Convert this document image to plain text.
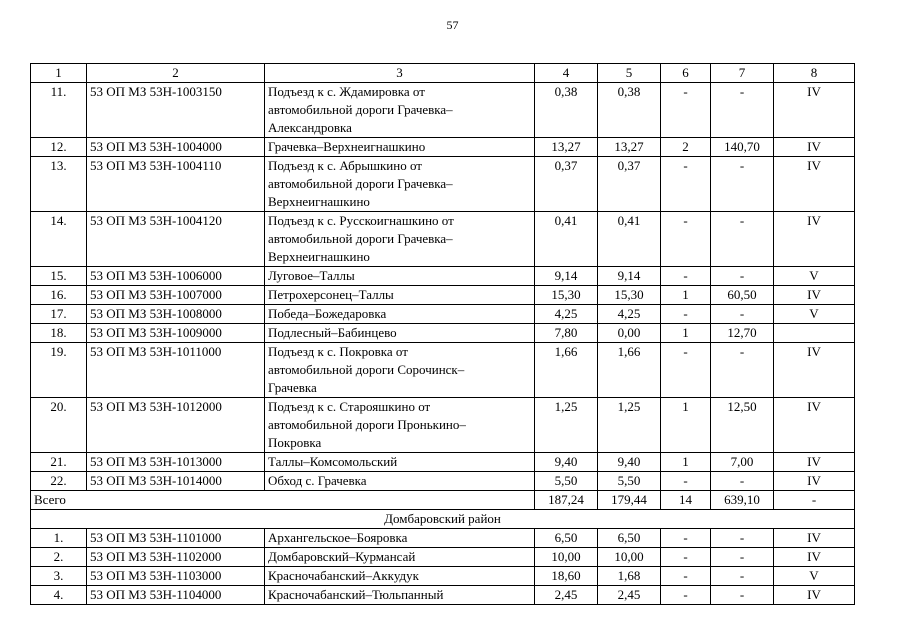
57
1	2	3	4	5	6	7	8
11.	53 ОП МЗ 53Н-1003150	Подъезд к с. Ждамировка от
автомобильной дороги Грачевка–
Александровка	0,38	0,38	-	-	IV
12.	53 ОП МЗ 53Н-1004000	Грачевка–Верхнеигнашкино	13,27	13,27	2	140,70	IV
13.	53 ОП МЗ 53Н-1004110	Подъезд к с. Абрышкино от
автомобильной дороги Грачевка–
Верхнеигнашкино	0,37	0,37	-	-	IV
14.	53 ОП МЗ 53Н-1004120	Подъезд к с. Русскоигнашкино от
автомобильной дороги Грачевка–
Верхнеигнашкино	0,41	0,41	-	-	IV
15.	53 ОП МЗ 53Н-1006000	Луговое–Таллы	9,14	9,14	-	-	V
16.	53 ОП МЗ 53Н-1007000	Петрохерсонец–Таллы	15,30	15,30	1	60,50	IV
17.	53 ОП МЗ 53Н-1008000	Победа–Божедаровка	4,25	4,25	-	-	V
18.	53 ОП МЗ 53Н-1009000	Подлесный–Бабинцево	7,80	0,00	1	12,70	
19.	53 ОП МЗ 53Н-1011000	Подъезд к с. Покровка от
автомобильной дороги Сорочинск–
Грачевка	1,66	1,66	-	-	IV
20.	53 ОП МЗ 53Н-1012000	Подъезд к с. Старояшкино от
автомобильной дороги Пронькино–
Покровка	1,25	1,25	1	12,50	IV
21.	53 ОП МЗ 53Н-1013000	Таллы–Комсомольский	9,40	9,40	1	7,00	IV
22.	53 ОП МЗ 53Н-1014000	Обход с. Грачевка	5,50	5,50	-	-	IV
Всего			187,24	179,44	14	639,10	-
Домбаровский район							
1.	53 ОП МЗ 53Н-1101000	Архангельское–Бояровка	6,50	6,50	-	-	IV
2.	53 ОП МЗ 53Н-1102000	Домбаровский–Курмансай	10,00	10,00	-	-	IV
3.	53 ОП МЗ 53Н-1103000	Красночабанский–Аккудук	18,60	1,68	-	-	V
4.	53 ОП МЗ 53Н-1104000	Красночабанский–Тюльпанный	2,45	2,45	-	-	IV
